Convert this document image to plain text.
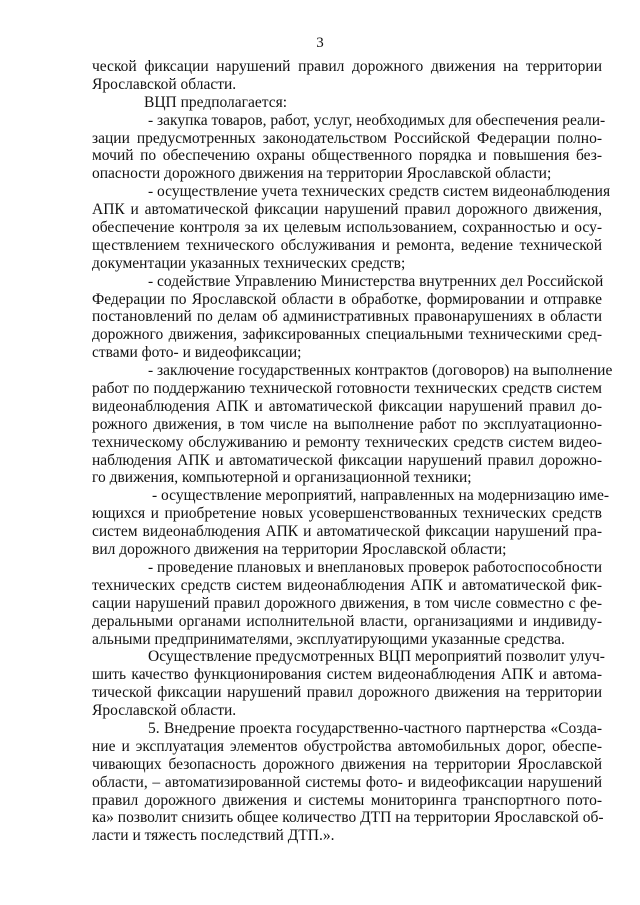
3
ческой фиксации нарушений правил дорожного движения на территории
Ярославской области.
ВЦП предполагается:
- закупка товаров, работ, услуг, необходимых для обеспечения реали-
зации предусмотренных законодательством Российской Федерации полно-
мочий по обеспечению охраны общественного порядка и повышения без-
опасности дорожного движения на территории Ярославской области;
- осуществление учета технических средств систем видеонаблюдения
АПК и автоматической фиксации нарушений правил дорожного движения,
обеспечение контроля за их целевым использованием, сохранностью и осу-
ществлением технического обслуживания и ремонта, ведение технической
документации указанных технических средств;
- содействие Управлению Министерства внутренних дел Российской
Федерации по Ярославской области в обработке, формировании и отправке
постановлений по делам об административных правонарушениях в области
дорожного движения, зафиксированных специальными техническими сред-
ствами фото- и видеофиксации;
- заключение государственных контрактов (договоров) на выполнение
работ по поддержанию технической готовности технических средств систем
видеонаблюдения АПК и автоматической фиксации нарушений правил до-
рожного движения, в том числе на выполнение работ по эксплуатационно-
техническому обслуживанию и ремонту технических средств систем видео-
наблюдения АПК и автоматической фиксации нарушений правил дорожно-
го движения, компьютерной и организационной техники;
- осуществление мероприятий, направленных на модернизацию име-
ющихся и приобретение новых усовершенствованных технических средств
систем видеонаблюдения АПК и автоматической фиксации нарушений пра-
вил дорожного движения на территории Ярославской области;
- проведение плановых и внеплановых проверок работоспособности
технических средств систем видеонаблюдения АПК и автоматической фик-
сации нарушений правил дорожного движения, в том числе совместно с фе-
деральными органами исполнительной власти, организациями и индивиду-
альными предпринимателями, эксплуатирующими указанные средства.
Осуществление предусмотренных ВЦП мероприятий позволит улуч-
шить качество функционирования систем видеонаблюдения АПК и автома-
тической фиксации нарушений правил дорожного движения на территории
Ярославской области.
5. Внедрение проекта государственно-частного партнерства «Созда-
ние и эксплуатация элементов обустройства автомобильных дорог, обеспе-
чивающих безопасность дорожного движения на территории Ярославской
области, – автоматизированной системы фото- и видеофиксации нарушений
правил дорожного движения и системы мониторинга транспортного пото-
ка» позволит снизить общее количество ДТП на территории Ярославской об-
ласти и тяжесть последствий ДТП.».
